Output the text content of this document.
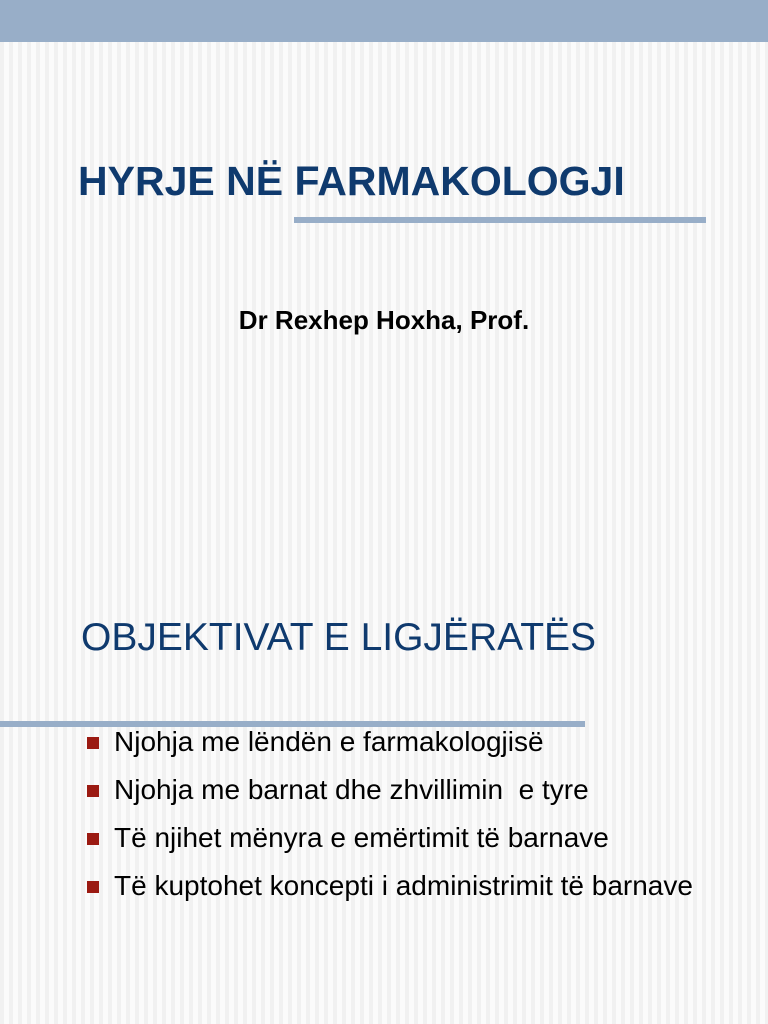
HYRJE NË FARMAKOLOGJI

Dr Rexhep Hoxha, Prof.

OBJEKTIVAT E LIGJËRATËS
Njohja me lëndën e farmakologjisë
Njohja me barnat dhe zhvillimin  e tyre
Të njihet mënyra e emërtimit të barnave
Të kuptohet koncepti i administrimit të barnave
